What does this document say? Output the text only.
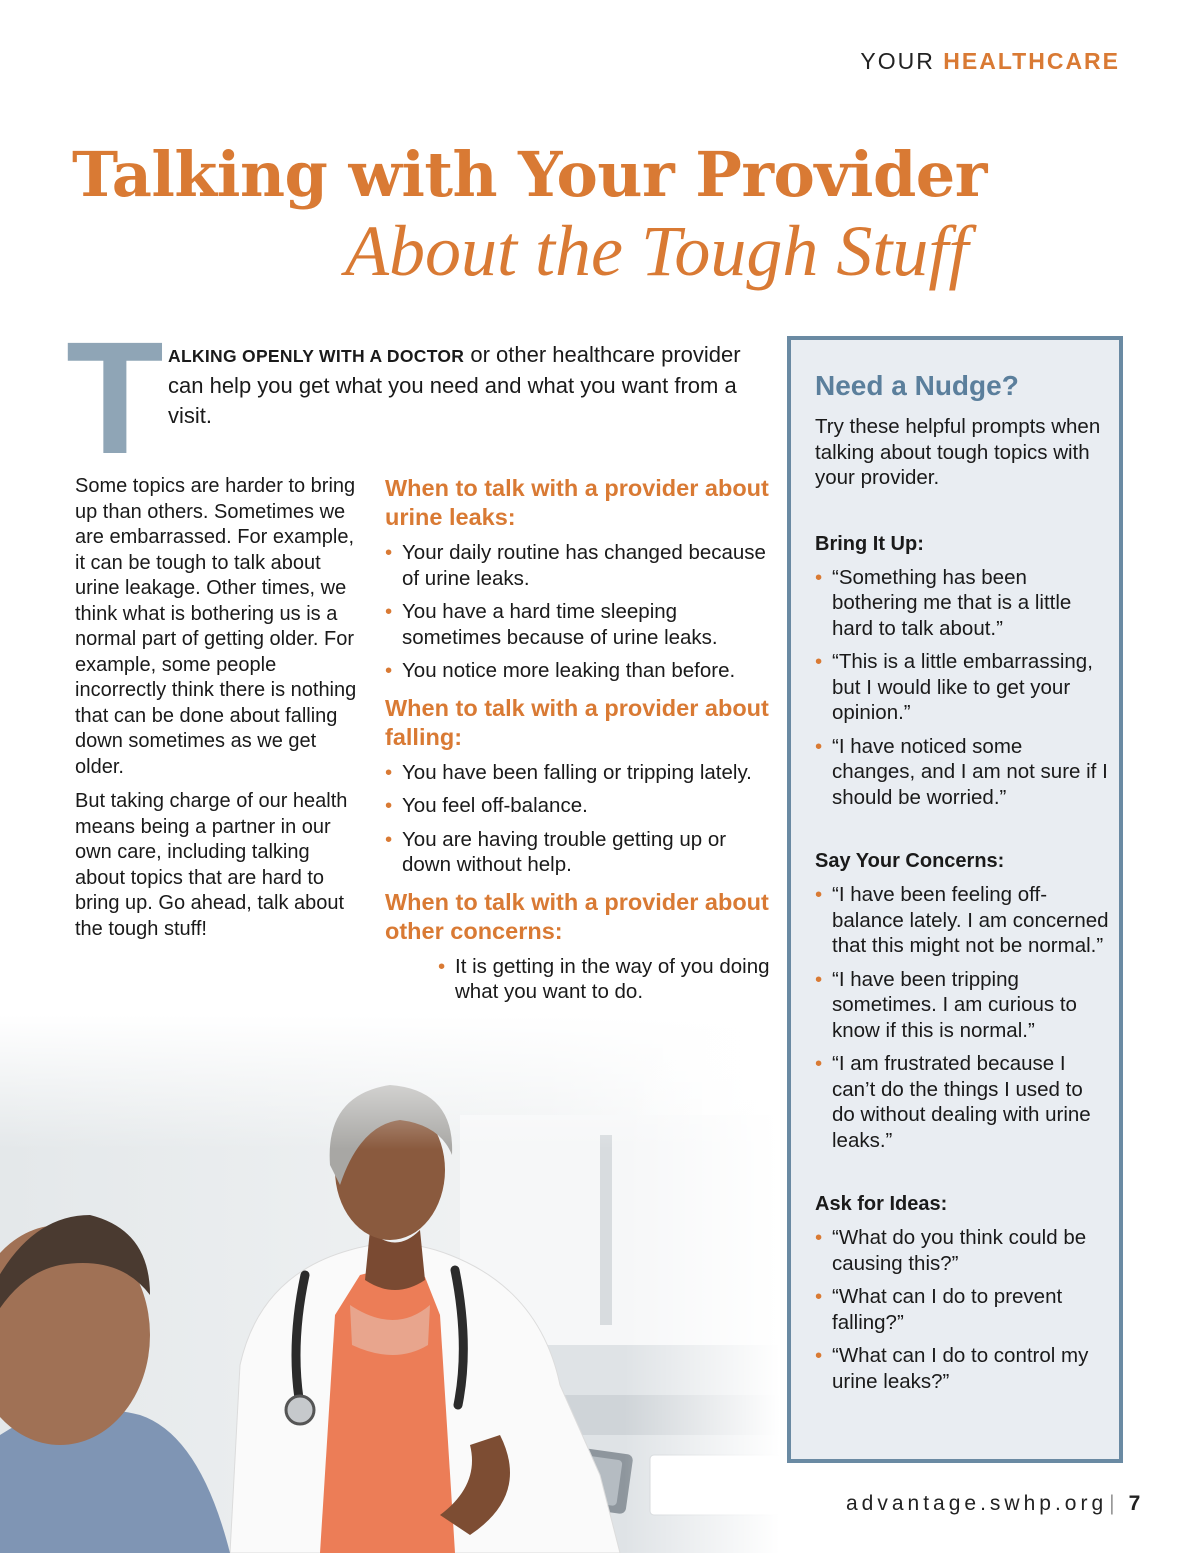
YOUR HEALTHCARE
Talking with Your Provider
About the Tough Stuff
T ALKING OPENLY WITH A DOCTOR or other healthcare provider can help you get what you need and what you want from a visit.

Some topics are harder to bring up than others. Sometimes we are embarrassed. For example, it can be tough to talk about urine leakage. Other times, we think what is bothering us is a normal part of getting older. For example, some people incorrectly think there is nothing that can be done about falling down sometimes as we get older.

But taking charge of our health means being a partner in our own care, including talking about topics that are hard to bring up. Go ahead, talk about the tough stuff!

When to talk with a provider about urine leaks:
• Your daily routine has changed because of urine leaks.
• You have a hard time sleeping sometimes because of urine leaks.
• You notice more leaking than before.
When to talk with a provider about falling:
• You have been falling or tripping lately.
• You feel off-balance.
• You are having trouble getting up or down without help.
When to talk with a provider about other concerns:
• It is getting in the way of you doing what you want to do.
Need a Nudge?

Try these helpful prompts when talking about tough topics with your provider.

Bring It Up:
• “Something has been bothering me that is a little hard to talk about.”
• “This is a little embarrassing, but I would like to get your opinion.”
• “I have noticed some changes, and I am not sure if I should be worried.”
Say Your Concerns:
• “I have been feeling off-balance lately. I am concerned that this might not be normal.”
• “I have been tripping sometimes. I am curious to know if this is normal.”
• “I am frustrated because I can’t do the things I used to do without dealing with urine leaks.”
Ask for Ideas:
• “What do you think could be causing this?”
• “What can I do to prevent falling?”
• “What can I do to control my urine leaks?”
advantage.swhp.org| 7
